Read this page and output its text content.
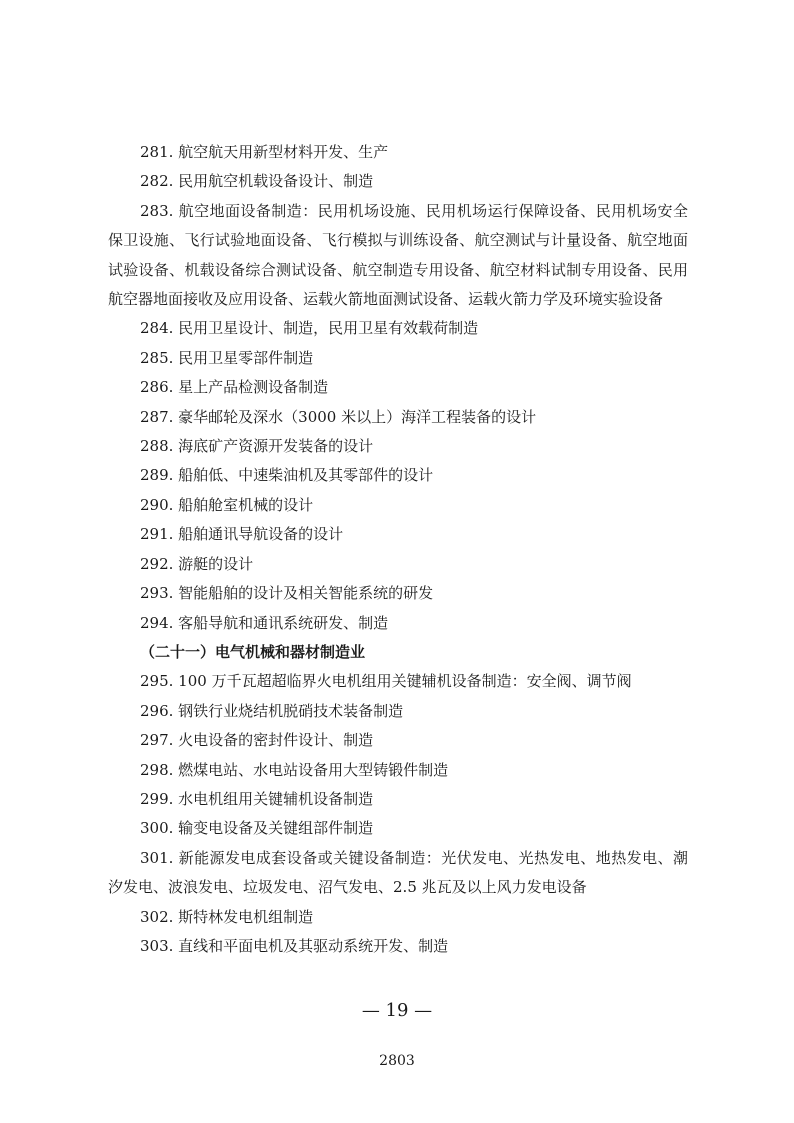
281. 航空航天用新型材料开发、生产
282. 民用航空机载设备设计、制造
283. 航空地面设备制造：民用机场设施、民用机场运行保障设备、民用机场安全保卫设施、飞行试验地面设备、飞行模拟与训练设备、航空测试与计量设备、航空地面试验设备、机载设备综合测试设备、航空制造专用设备、航空材料试制专用设备、民用航空器地面接收及应用设备、运载火箭地面测试设备、运载火箭力学及环境实验设备
284. 民用卫星设计、制造，民用卫星有效载荷制造
285. 民用卫星零部件制造
286. 星上产品检测设备制造
287. 豪华邮轮及深水（3000 米以上）海洋工程装备的设计
288. 海底矿产资源开发装备的设计
289. 船舶低、中速柴油机及其零部件的设计
290. 船舶舱室机械的设计
291. 船舶通讯导航设备的设计
292. 游艇的设计
293. 智能船舶的设计及相关智能系统的研发
294. 客船导航和通讯系统研发、制造
（二十一）电气机械和器材制造业
295. 100 万千瓦超超临界火电机组用关键辅机设备制造：安全阀、调节阀
296. 钢铁行业烧结机脱硝技术装备制造
297. 火电设备的密封件设计、制造
298. 燃煤电站、水电站设备用大型铸锻件制造
299. 水电机组用关键辅机设备制造
300. 输变电设备及关键组部件制造
301. 新能源发电成套设备或关键设备制造：光伏发电、光热发电、地热发电、潮汐发电、波浪发电、垃圾发电、沼气发电、2.5 兆瓦及以上风力发电设备
302. 斯特林发电机组制造
303. 直线和平面电机及其驱动系统开发、制造
— 19 —
2803
